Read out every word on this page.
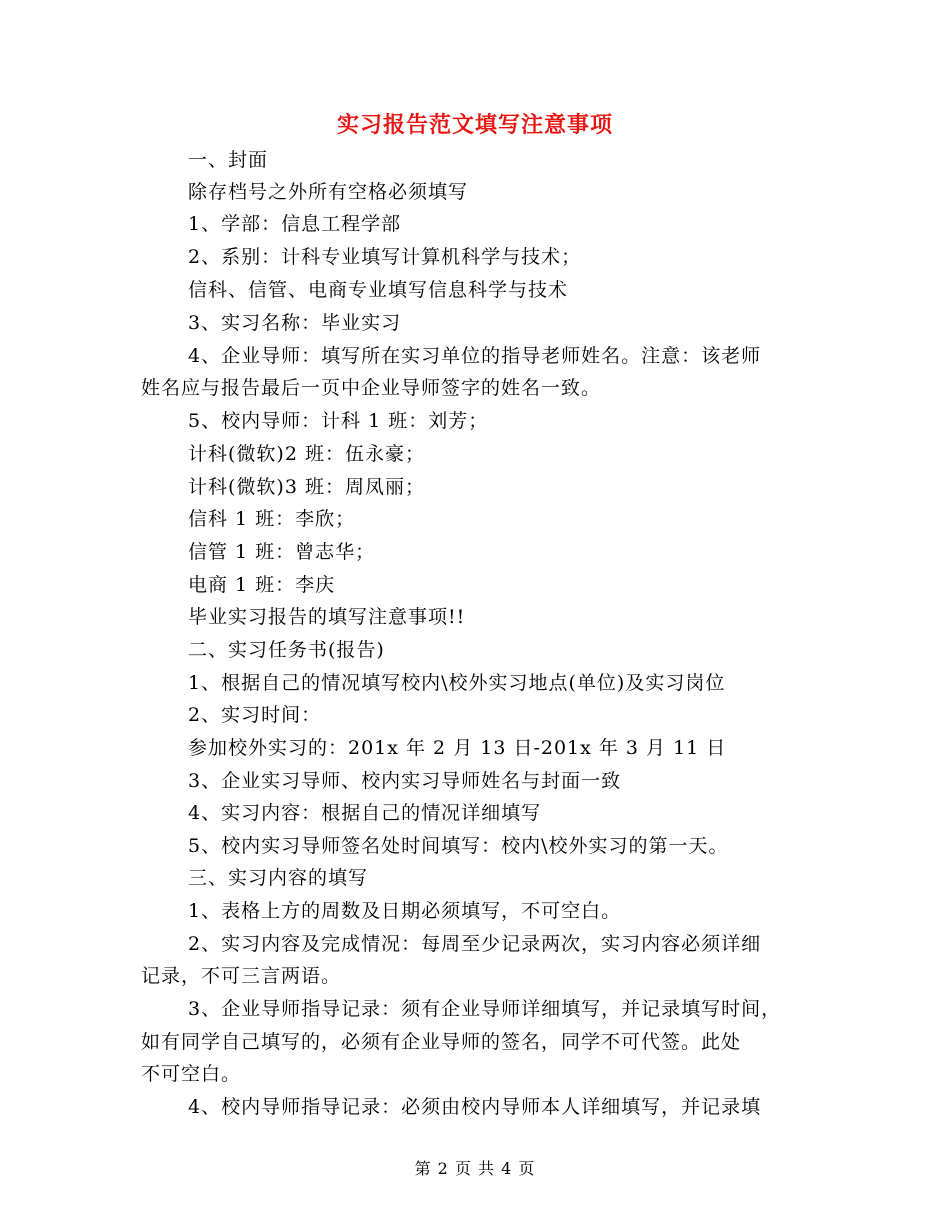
实习报告范文填写注意事项
一、封面
除存档号之外所有空格必须填写
1、学部：信息工程学部
2、系别：计科专业填写计算机科学与技术；
信科、信管、电商专业填写信息科学与技术
3、实习名称：毕业实习
4、企业导师：填写所在实习单位的指导老师姓名。注意：该老师
姓名应与报告最后一页中企业导师签字的姓名一致。
5、校内导师：计科 1 班：刘芳；
计科(微软)2 班：伍永豪；
计科(微软)3 班：周凤丽；
信科 1 班：李欣；
信管 1 班：曾志华；
电商 1 班：李庆
毕业实习报告的填写注意事项!!
二、实习任务书(报告)
1、根据自己的情况填写校内\校外实习地点(单位)及实习岗位
2、实习时间：
参加校外实习的：201x 年 2 月 13 日-201x 年 3 月 11 日
3、企业实习导师、校内实习导师姓名与封面一致
4、实习内容：根据自己的情况详细填写
5、校内实习导师签名处时间填写：校内\校外实习的第一天。
三、实习内容的填写
1、表格上方的周数及日期必须填写，不可空白。
2、实习内容及完成情况：每周至少记录两次，实习内容必须详细
记录，不可三言两语。
3、企业导师指导记录：须有企业导师详细填写，并记录填写时间，
如有同学自己填写的，必须有企业导师的签名，同学不可代签。此处
不可空白。
4、校内导师指导记录：必须由校内导师本人详细填写，并记录填
第 2 页 共 4 页
